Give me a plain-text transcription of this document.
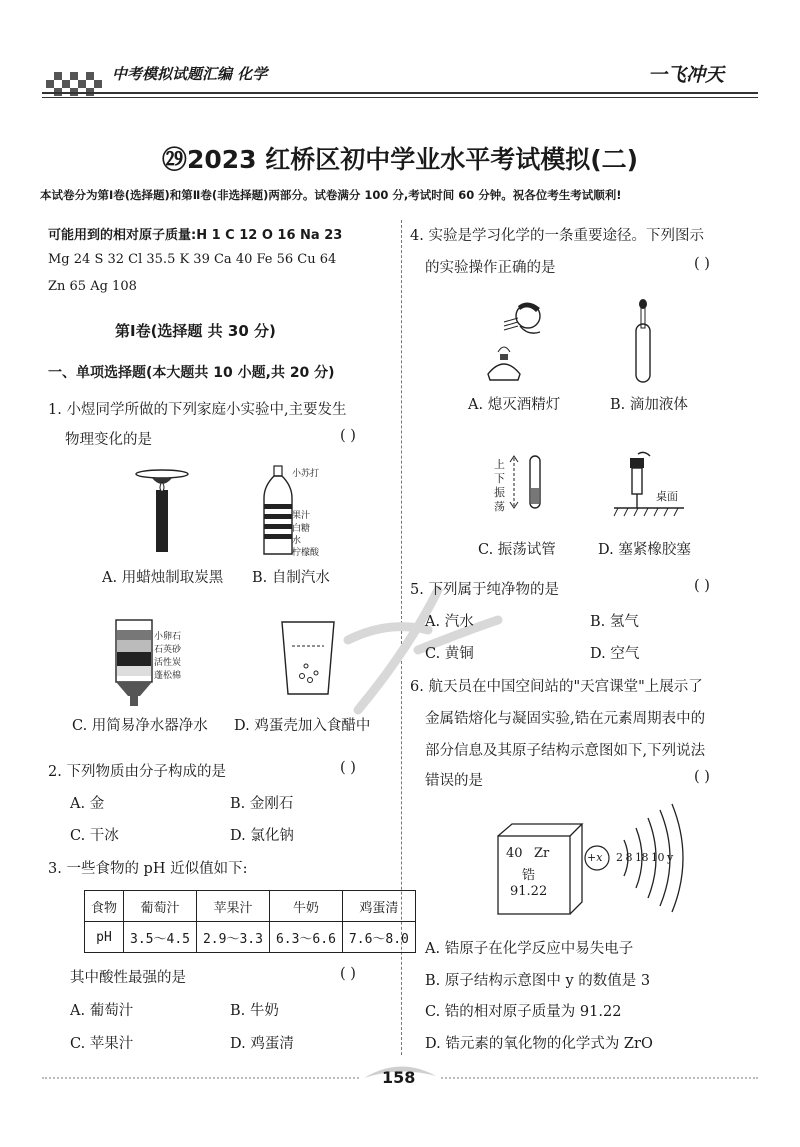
中考模拟试题汇编 化学	一飞冲天
㉙2023 红桥区初中学业水平考试模拟(二)
本试卷分为第Ⅰ卷(选择题)和第Ⅱ卷(非选择题)两部分。试卷满分 100 分,考试时间 60 分钟。祝各位考生考试顺利!
可能用到的相对原子质量:H 1 C 12 O 16 Na 23
Mg 24 S 32 Cl 35.5 K 39 Ca 40 Fe 56 Cu 64
Zn 65 Ag 108
第Ⅰ卷(选择题 共 30 分)
一、单项选择题(本大题共 10 小题,共 20 分)
1. 小煜同学所做的下列家庭小实验中,主要发生
物理变化的是	( )
小苏打
果汁
白糖
水
柠檬酸
A. 用蜡烛制取炭黑 B. 自制汽水
小卵石
石英砂
活性炭
蓬松棉
C. 用简易净水器净水 D. 鸡蛋壳加入食醋中
2. 下列物质由分子构成的是	( )
A. 金	B. 金刚石
C. 干冰	D. 氯化钠
3. 一些食物的 pH 近似值如下:
食物	葡萄汁	苹果汁	牛奶	鸡蛋清
pH	3.5～4.5	2.9～3.3	6.3～6.6	7.6～8.0
其中酸性最强的是	( )
A. 葡萄汁	B. 牛奶
C. 苹果汁	D. 鸡蛋清
4. 实验是学习化学的一条重要途径。下列图示
的实验操作正确的是	( )
A. 熄灭酒精灯	B. 滴加液体
上
下
振
荡
桌面
C. 振荡试管	D. 塞紧橡胶塞
5. 下列属于纯净物的是	( )
A. 汽水	B. 氢气
C. 黄铜	D. 空气
6. 航天员在中国空间站的"天宫课堂"上展示了
金属锆熔化与凝固实验,锆在元素周期表中的
部分信息及其原子结构示意图如下,下列说法
错误的是	( )
40 Zr
锆
91.22
+x 2 8 18 10 y
A. 锆原子在化学反应中易失电子
B. 原子结构示意图中 y 的数值是 3
C. 锆的相对原子质量为 91.22
D. 锆元素的氧化物的化学式为 ZrO
158
